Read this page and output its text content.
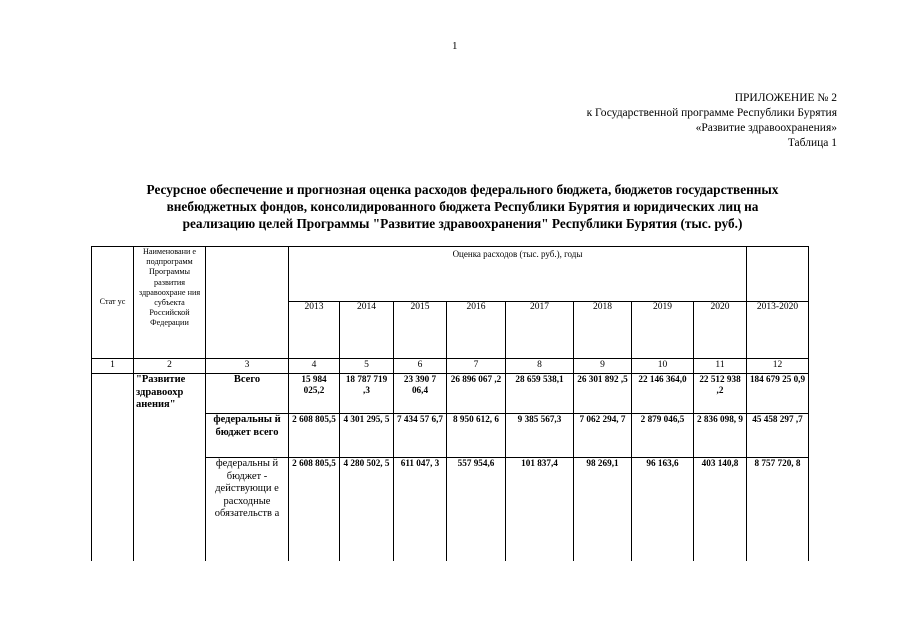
1
ПРИЛОЖЕНИЕ № 2
к Государственной программе Республики Бурятия
«Развитие здравоохранения»
Таблица 1
Ресурсное обеспечение и прогнозная оценка расходов федерального бюджета, бюджетов государственных
внебюджетных фондов, консолидированного бюджета Республики Бурятия и юридических лиц на
реализацию целей Программы "Развитие здравоохранения" Республики Бурятия (тыс. руб.)
Стат ус	Наименовани е подпрограмм Программы развития здравоохране ния субъекта Российской Федерации		Оценка расходов (тыс. руб.), годы								
			2013	2014	2015	2016	2017	2018	2019	2020	2013-2020
1	2	3	4	5	6	7	8	9	10	11	12
	"Развитие здравоохр анения"	Всего	15 984 025,2	18 787 719 ,3	23 390 7 06,4	26 896 067 ,2	28 659 538,1	26 301 892 ,5	22 146 364,0	22 512 938 ,2	184 679 25 0,9
		федеральны й бюджет всего	2 608 805,5	4 301 295, 5	7 434 57 6,7	8 950 612, 6	9 385 567,3	7 062 294, 7	2 879 046,5	2 836 098, 9	45 458 297 ,7
		федеральны й бюджет - действующи е расходные обязательств а	2 608 805,5	4 280 502, 5	611 047, 3	557 954,6	101 837,4	98 269,1	96 163,6	403 140,8	8 757 720, 8
